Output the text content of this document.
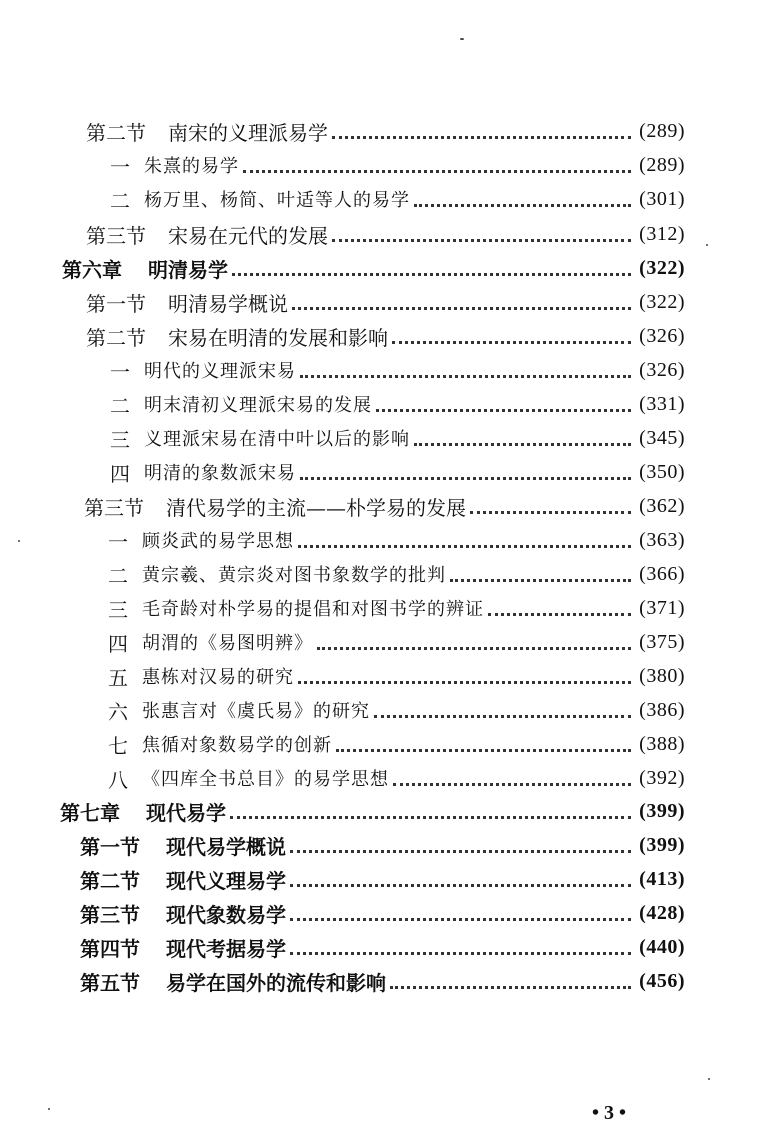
第二节	南宋的义理派易学	(289)
一 朱熹的易学	(289)
二 杨万里、杨简、叶适等人的易学	(301)
第三节	宋易在元代的发展	(312)
第六章	明清易学	(322)
第一节	明清易学概说	(322)
第二节	宋易在明清的发展和影响	(326)
一 明代的义理派宋易	(326)
二 明末清初义理派宋易的发展	(331)
三 义理派宋易在清中叶以后的影响	(345)
四 明清的象数派宋易	(350)
第三节	清代易学的主流——朴学易的发展	(362)
一 顾炎武的易学思想	(363)
二 黄宗羲、黄宗炎对图书象数学的批判	(366)
三 毛奇龄对朴学易的提倡和对图书学的辨证	(371)
四 胡渭的《易图明辨》	(375)
五 惠栋对汉易的研究	(380)
六 张惠言对《虞氏易》的研究	(386)
七 焦循对象数易学的创新	(388)
八 《四库全书总目》的易学思想	(392)
第七章	现代易学	(399)
第一节	现代易学概说	(399)
第二节	现代义理易学	(413)
第三节	现代象数易学	(428)
第四节	现代考据易学	(440)
第五节	易学在国外的流传和影响	(456)
• 3 •
